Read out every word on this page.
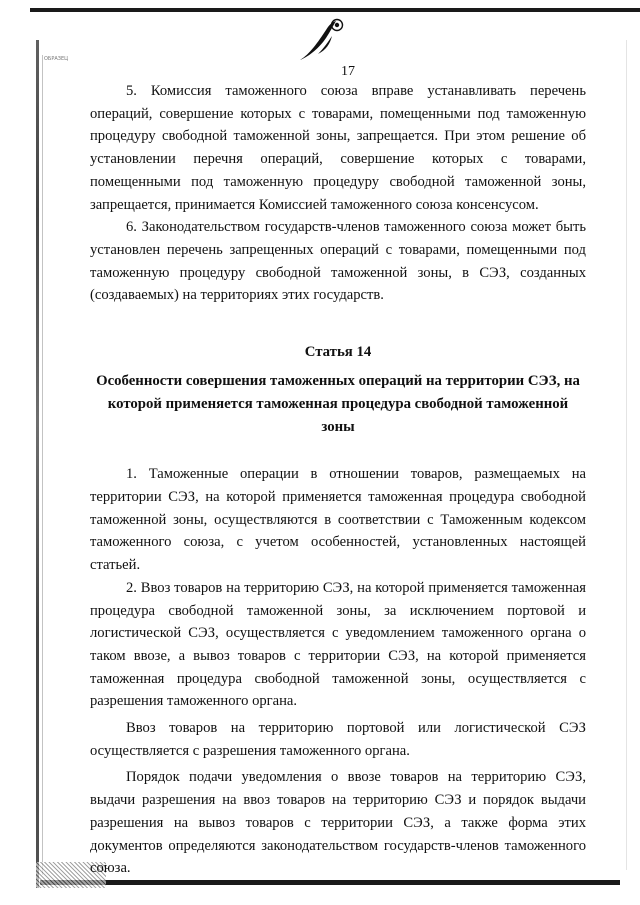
ОБРАЗЕЦ
17

5. Комиссия таможенного союза вправе устанавливать перечень операций, совершение которых с товарами, помещенными под таможенную процедуру свободной таможенной зоны, запрещается. При этом решение об установлении перечня операций, совершение которых с товарами, помещенными под таможенную процедуру свободной таможенной зоны, запрещается, принимается Комиссией таможенного союза консенсусом.

6. Законодательством государств-членов таможенного союза может быть установлен перечень запрещенных операций с товарами, помещенными под таможенную процедуру свободной таможенной зоны, в СЭЗ, созданных (создаваемых) на территориях этих государств.

Статья 14

Особенности совершения таможенных операций на территории СЭЗ, на которой применяется таможенная процедура свободной таможенной зоны

1. Таможенные операции в отношении товаров, размещаемых на территории СЭЗ, на которой применяется таможенная процедура свободной таможенной зоны, осуществляются в соответствии с Таможенным кодексом таможенного союза, с учетом особенностей, установленных настоящей статьей.

2. Ввоз товаров на территорию СЭЗ, на которой применяется таможенная процедура свободной таможенной зоны, за исключением портовой и логистической СЭЗ, осуществляется с уведомлением таможенного органа о таком ввозе, а вывоз товаров с территории СЭЗ, на которой применяется таможенная процедура свободной таможенной зоны, осуществляется с разрешения таможенного органа.

Ввоз товаров на территорию портовой или логистической СЭЗ осуществляется с разрешения таможенного органа.

Порядок подачи уведомления о ввозе товаров на территорию СЭЗ, выдачи разрешения на ввоз товаров на территорию СЭЗ и порядок выдачи разрешения на вывоз товаров с территории СЭЗ, а также форма этих документов определяются законодательством государств-членов таможенного союза.
